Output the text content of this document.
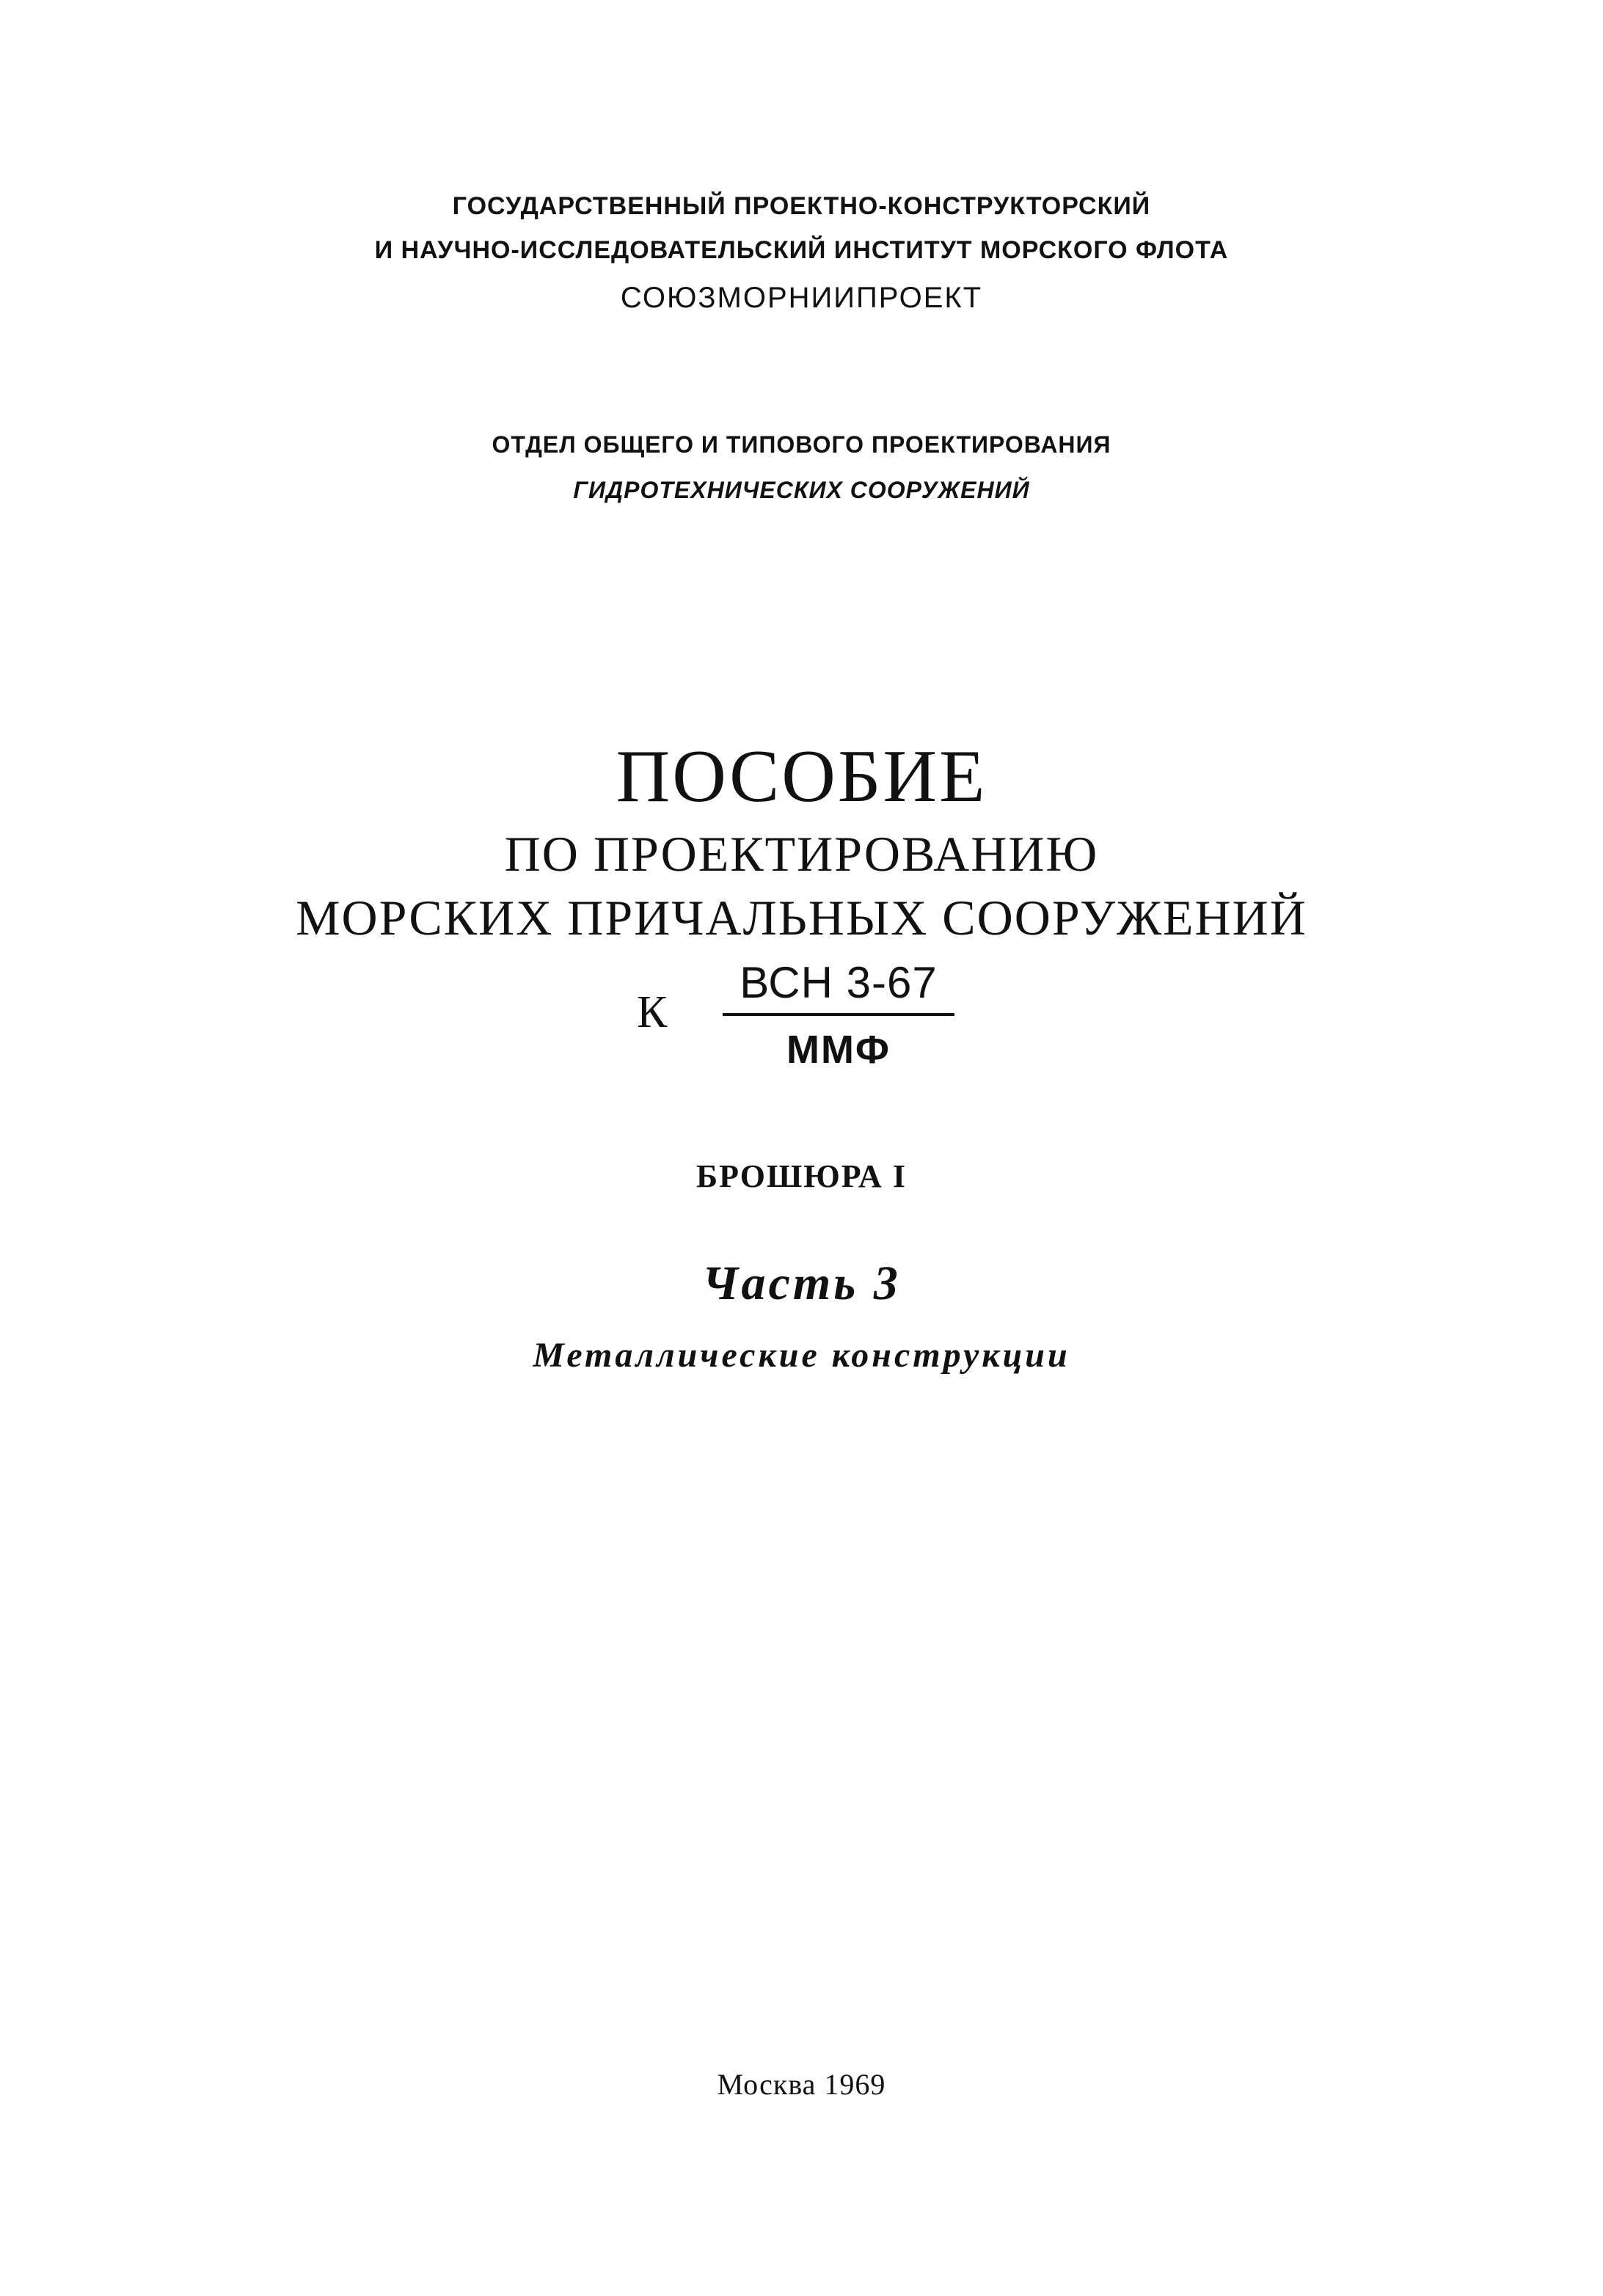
ГОСУДАРСТВЕННЫЙ ПРОЕКТНО-КОНСТРУКТОРСКИЙ
И НАУЧНО-ИССЛЕДОВАТЕЛЬСКИЙ ИНСТИТУТ МОРСКОГО ФЛОТА
СОЮЗМОРНИИПРОЕКТ
ОТДЕЛ ОБЩЕГО И ТИПОВОГО ПРОЕКТИРОВАНИЯ
ГИДРОТЕХНИЧЕСКИХ СООРУЖЕНИЙ
ПОСОБИЕ
ПО ПРОЕКТИРОВАНИЮ
МОРСКИХ ПРИЧАЛЬНЫХ СООРУЖЕНИЙ
К
ВСН 3-67
ММФ
БРОШЮРА I
Часть 3
Металлические конструкции
Москва 1969
